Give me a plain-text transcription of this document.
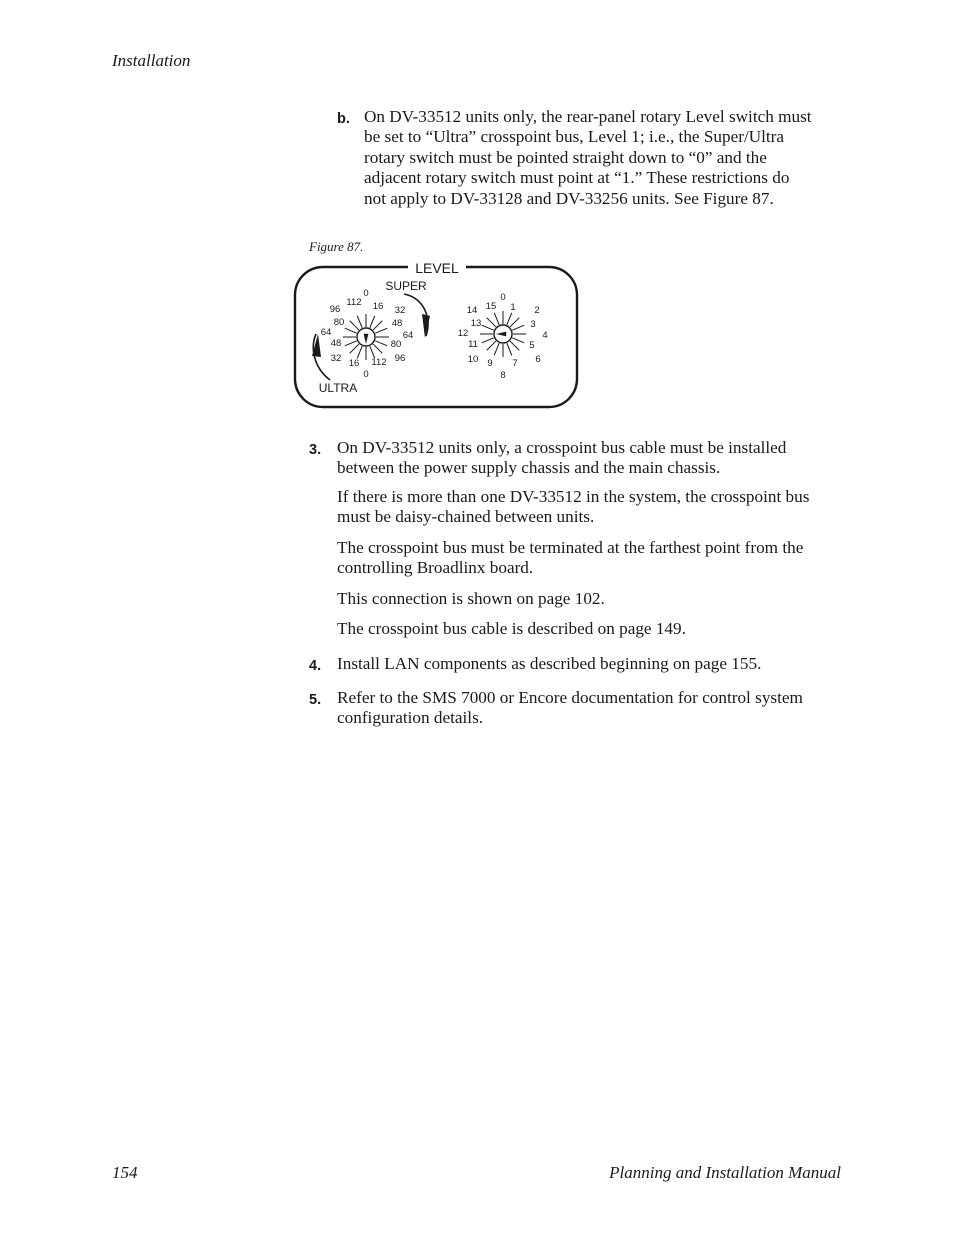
Installation
b. On DV-33512 units only, the rear-panel rotary Level switch must
be set to “Ultra” crosspoint bus, Level 1; i.e., the Super/Ultra
rotary switch must be pointed straight down to “0” and the
adjacent rotary switch must point at “1.” These restrictions do
not apply to DV-33128 and DV-33256 units. See Figure 87.
Figure 87.
LEVEL
SUPER
ULTRA
0
0
112
96
80
64
48
32 16
16 32
48
64
80
96
112
0
1 2
3
4
5
6
7
8
9
10
11
12
13
14 15
3. On DV-33512 units only, a crosspoint bus cable must be installed
between the power supply chassis and the main chassis.
If there is more than one DV-33512 in the system, the crosspoint bus
must be daisy-chained between units.
The crosspoint bus must be terminated at the farthest point from the
controlling Broadlinx board.
This connection is shown on page 102.
The crosspoint bus cable is described on page 149.
4. Install LAN components as described beginning on page 155.
5. Refer to the SMS 7000 or Encore documentation for control system
configuration details.
154	Planning and Installation Manual
